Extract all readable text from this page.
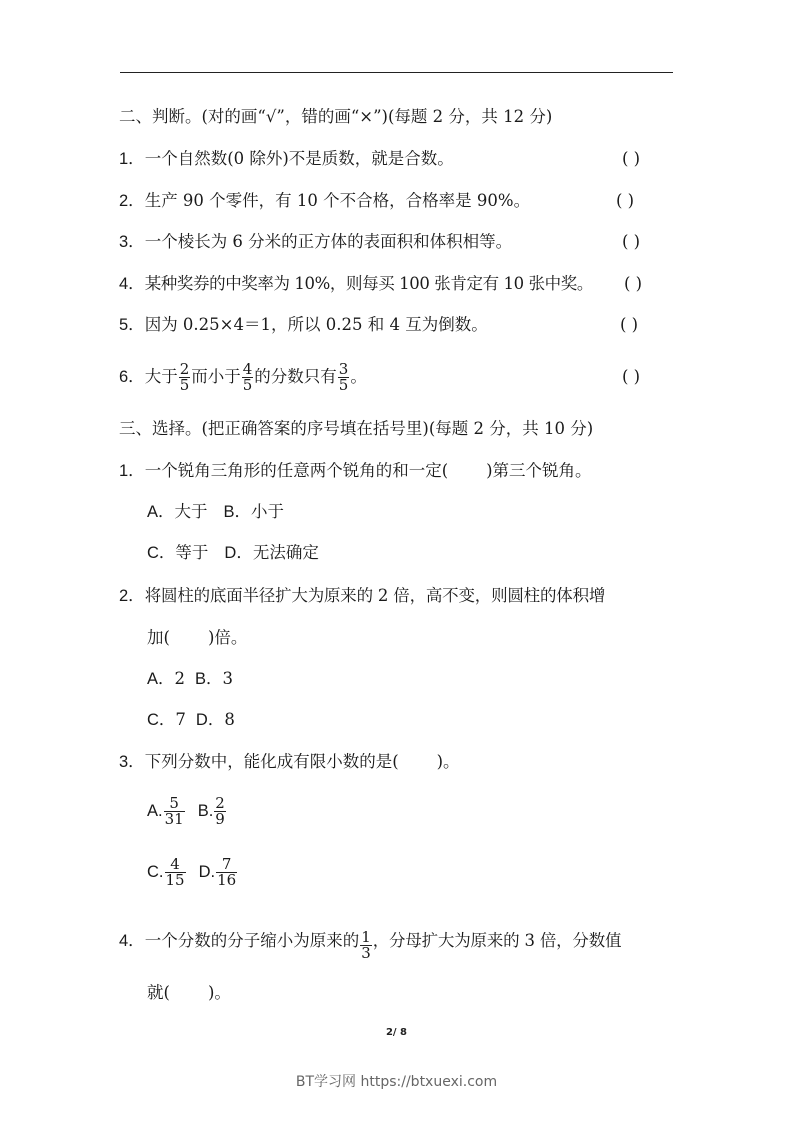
二、判断。(对的画“√”，错的画“×”)(每题 2 分，共 12 分)
1．一个自然数(0 除外)不是质数，就是合数。	( )
2．生产 90 个零件，有 10 个不合格，合格率是 90%。	( )
3．一个棱长为 6 分米的正方体的表面积和体积相等。	( )
4．某种奖券的中奖率为 10%，则每买 100 张肯定有 10 张中奖。 ( )
5．因为 0.25×4＝1，所以 0.25 和 4 互为倒数。	( )
6．大于 $\frac{2}{5}$ 而小于 $\frac{4}{5}$ 的分数只有 $\frac{3}{5}$ 。	( )
三、选择。(把正确答案的序号填在括号里)(每题 2 分，共 10 分)
1．一个锐角三角形的任意两个锐角的和一定( )第三个锐角。
A．大于 B．小于
C．等于 D．无法确定
2．将圆柱的底面半径扩大为原来的 2 倍，高不变，则圆柱的体积增
加( )倍。
A．2 B．3
C．7 D．8
3．下列分数中，能化成有限小数的是( )。
A. $\frac{5}{31} B$. $\frac{2}{9}$
C. $\frac{4}{15} D$. $\frac{7}{16}$
4．一个分数的分子缩小为原来的 $\frac{1}{3}$ ，分母扩大为原来的 3 倍，分数值
就( )。
2/ 8
BT学习网 https://btxuexi.com
